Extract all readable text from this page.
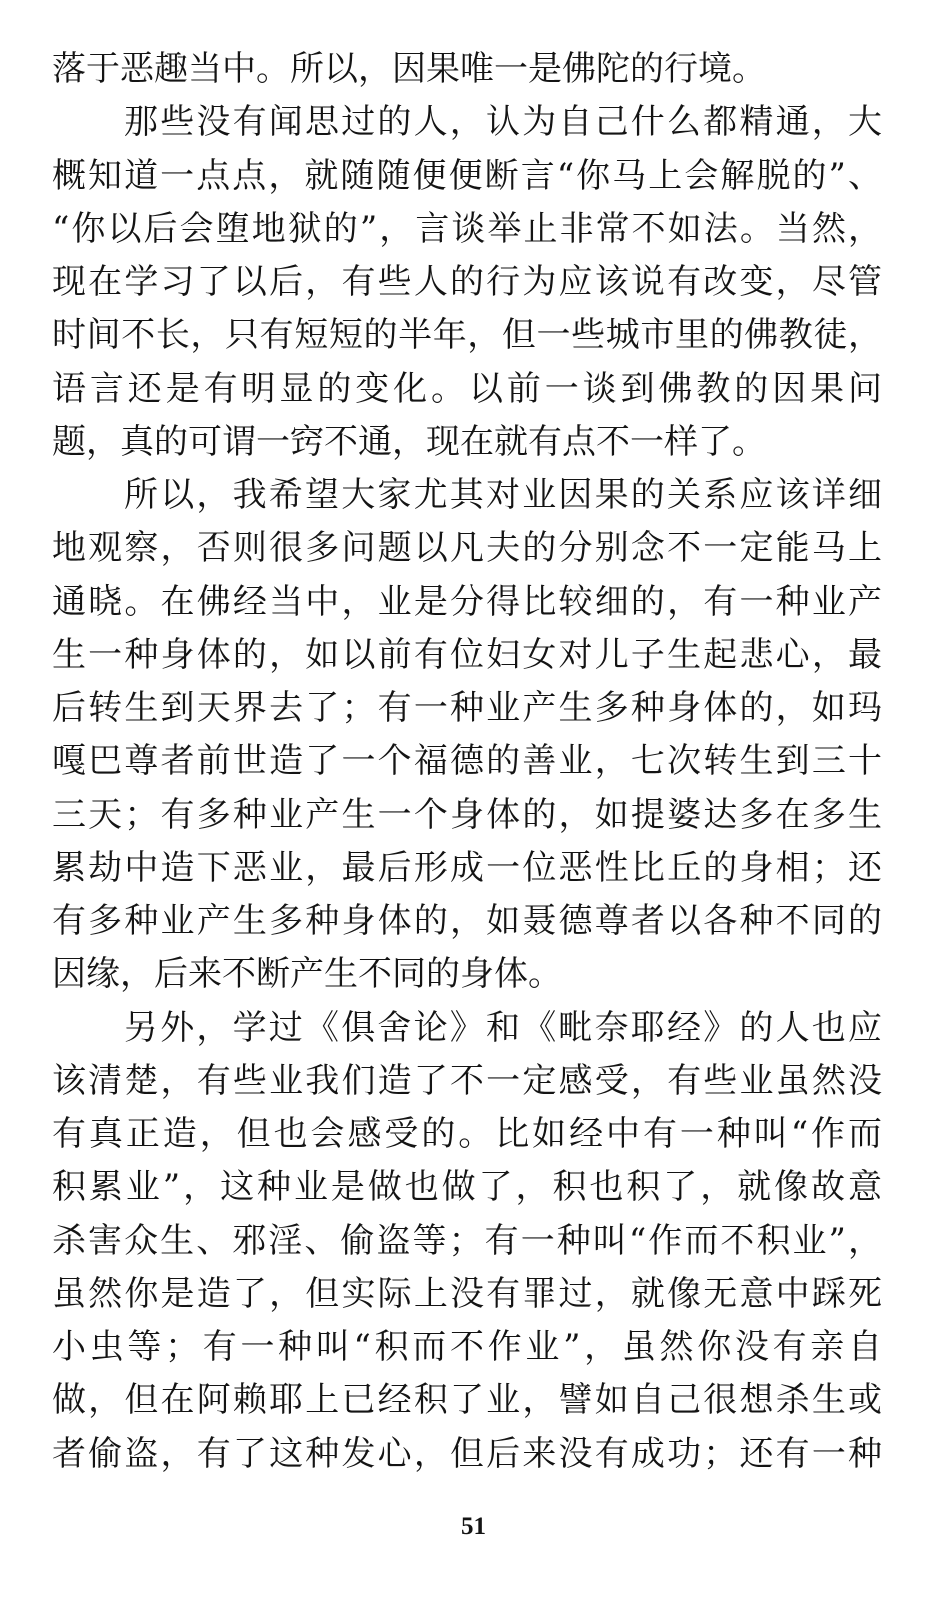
落于恶趣当中。所以，因果唯一是佛陀的行境。
那些没有闻思过的人，认为自己什么都精通，大
概知道一点点，就随随便便断言“你马上会解脱的”、
“你以后会堕地狱的”，言谈举止非常不如法。当然，
现在学习了以后，有些人的行为应该说有改变，尽管
时间不长，只有短短的半年，但一些城市里的佛教徒，
语言还是有明显的变化。以前一谈到佛教的因果问
题，真的可谓一窍不通，现在就有点不一样了。
所以，我希望大家尤其对业因果的关系应该详细
地观察，否则很多问题以凡夫的分别念不一定能马上
通晓。在佛经当中，业是分得比较细的，有一种业产
生一种身体的，如以前有位妇女对儿子生起悲心，最
后转生到天界去了；有一种业产生多种身体的，如玛
嘎巴尊者前世造了一个福德的善业，七次转生到三十
三天；有多种业产生一个身体的，如提婆达多在多生
累劫中造下恶业，最后形成一位恶性比丘的身相；还
有多种业产生多种身体的，如聂德尊者以各种不同的
因缘，后来不断产生不同的身体。
另外，学过《俱舍论》和《毗奈耶经》的人也应
该清楚，有些业我们造了不一定感受，有些业虽然没
有真正造，但也会感受的。比如经中有一种叫“作而
积累业”，这种业是做也做了，积也积了，就像故意
杀害众生、邪淫、偷盗等；有一种叫“作而不积业”，
虽然你是造了，但实际上没有罪过，就像无意中踩死
小虫等；有一种叫“积而不作业”，虽然你没有亲自
做，但在阿赖耶上已经积了业，譬如自己很想杀生或
者偷盗，有了这种发心，但后来没有成功；还有一种
51
